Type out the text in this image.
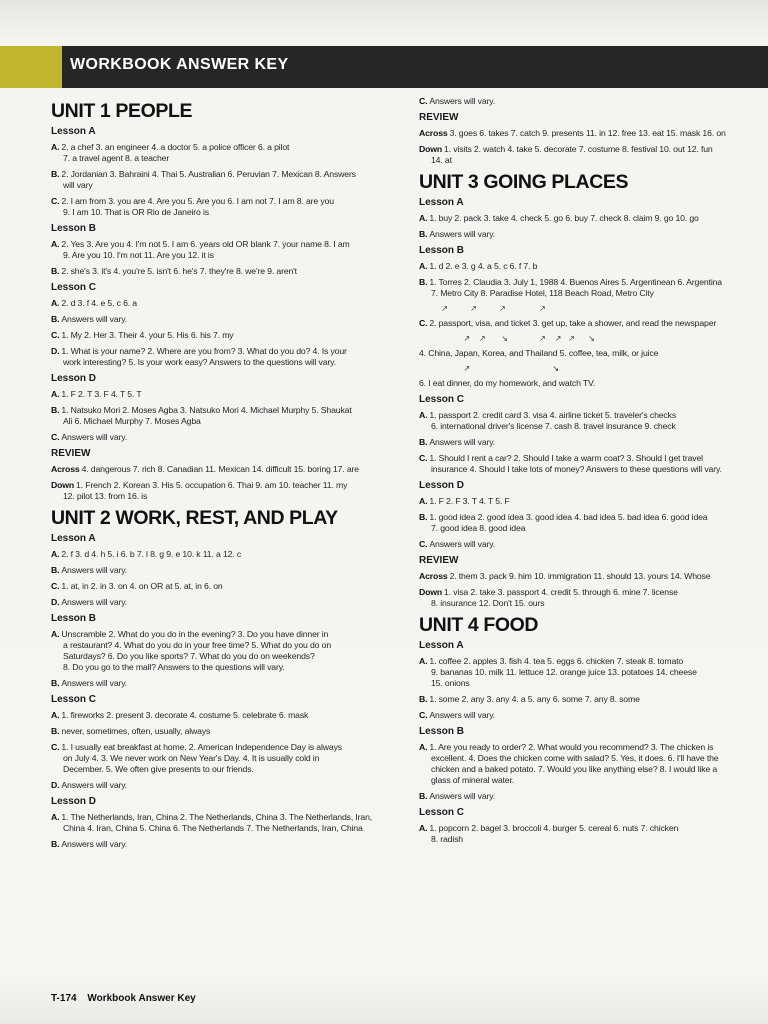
WORKBOOK ANSWER KEY
UNIT 1 PEOPLE
Lesson A

A. 2. a chef 3. an engineer 4. a doctor 5. a police officer 6. a pilot

7. a travel agent 8. a teacher

B. 2. Jordanian 3. Bahraini 4. Thai 5. Australian 6. Peruvian 7. Mexican 8. Answers

will vary

C. 2. I am from 3. you are 4. Are you 5. Are you 6. I am not 7. I am 8. are you

9. I am 10. That is OR Rio de Janeiro is

Lesson B

A. 2. Yes 3. Are you 4. I'm not 5. I am 6. years old OR blank 7. your name 8. I am

9. Are you 10. I'm not 11. Are you 12. it is

B. 2. she's 3. it's 4. you're 5. isn't 6. he's 7. they're 8. we're 9. aren't

Lesson C

A. 2. d 3. f 4. e 5. c 6. a

B. Answers will vary.

C. 1. My 2. Her 3. Their 4. your 5. His 6. his 7. my

D. 1. What is your name? 2. Where are you from? 3. What do you do? 4. Is your

work interesting? 5. Is your work easy? Answers to the questions will vary.

Lesson D

A. 1. F 2. T 3. F 4. T 5. T

B. 1. Natsuko Mori 2. Moses Agba 3. Natsuko Mori 4. Michael Murphy 5. Shaukat

Ali 6. Michael Murphy 7. Moses Agba

C. Answers will vary.

REVIEW

Across 4. dangerous 7. rich 8. Canadian 11. Mexican 14. difficult 15. boring 17. are

Down 1. French 2. Korean 3. His 5. occupation 6. Thai 9. am 10. teacher 11. my

12. pilot 13. from 16. is

UNIT 2 WORK, REST, AND PLAY
Lesson A

A. 2. f 3. d 4. h 5. i 6. b 7. l 8. g 9. e 10. k 11. a 12. c

B. Answers will vary.

C. 1. at, in 2. in 3. on 4. on OR at 5. at, in 6. on

D. Answers will vary.

Lesson B

A. Unscramble 2. What do you do in the evening? 3. Do you have dinner in

a restaurant? 4. What do you do in your free time? 5. What do you do on

Saturdays? 6. Do you like sports? 7. What do you do on weekends?

8. Do you go to the mall? Answers to the questions will vary.

B. Answers will vary.

Lesson C

A. 1. fireworks 2. present 3. decorate 4. costume 5. celebrate 6. mask

B. never, sometimes, often, usually, always

C. 1. I usually eat breakfast at home. 2. American Independence Day is always

on July 4. 3. We never work on New Year's Day. 4. It is usually cold in

December. 5. We often give presents to our friends.

D. Answers will vary.

Lesson D

A. 1. The Netherlands, Iran, China 2. The Netherlands, China 3. The Netherlands, Iran,

China 4. Iran, China 5. China 6. The Netherlands 7. The Netherlands, Iran, China

B. Answers will vary.

C. Answers will vary.

REVIEW

Across 3. goes 6. takes 7. catch 9. presents 11. in 12. free 13. eat 15. mask 16. on

Down 1. visits 2. watch 4. take 5. decorate 7. costume 8. festival 10. out 12. fun

14. at

UNIT 3 GOING PLACES
Lesson A

A. 1. buy 2. pack 3. take 4. check 5. go 6. buy 7. check 8. claim 9. go 10. go

B. Answers will vary.

Lesson B

A. 1. d 2. e 3. g 4. a 5. c 6. f 7. b

B. 1. Torres 2. Claudia 3. July 1, 1988 4. Buenos Aires 5. Argentinean 6. Argentina

7. Metro City 8. Paradise Hotel, 118 Beach Road, Metro City

↗          ↗          ↗               ↗

C. 2. passport, visa, and ticket 3. get up, take a shower, and read the newspaper

↗    ↗       ↘              ↗    ↗   ↗      ↘

4. China, Japan, Korea, and Thailand 5. coffee, tea, milk, or juice

↗                                     ↘

6. I eat dinner, do my homework, and watch TV.

Lesson C

A. 1. passport 2. credit card 3. visa 4. airline ticket 5. traveler's checks

6. international driver's license 7. cash 8. travel insurance 9. check

B. Answers will vary.

C. 1. Should I rent a car? 2. Should I take a warm coat? 3. Should I get travel

insurance 4. Should I take lots of money? Answers to these questions will vary.

Lesson D

A. 1. F 2. F 3. T 4. T 5. F

B. 1. good idea 2. good idea 3. good idea 4. bad idea 5. bad idea 6. good idea

7. good idea 8. good idea

C. Answers will vary.

REVIEW

Across 2. them 3. pack 9. him 10. immigration 11. should 13. yours 14. Whose

Down 1. visa 2. take 3. passport 4. credit 5. through 6. mine 7. license

8. insurance 12. Don't 15. ours

UNIT 4 FOOD
Lesson A

A. 1. coffee 2. apples 3. fish 4. tea 5. eggs 6. chicken 7. steak 8. tomato

9. bananas 10. milk 11. lettuce 12. orange juice 13. potatoes 14. cheese

15. onions

B. 1. some 2. any 3. any 4. a 5. any 6. some 7. any 8. some

C. Answers will vary.

Lesson B

A. 1. Are you ready to order? 2. What would you recommend? 3. The chicken is

excellent. 4. Does the chicken come with salad? 5. Yes, it does. 6. I'll have the

chicken and a baked potato. 7. Would you like anything else? 8. I would like a

glass of mineral water.

B. Answers will vary.

Lesson C

A. 1. popcorn 2. bagel 3. broccoli 4. burger 5. cereal 6. nuts 7. chicken

8. radish

T-174 Workbook Answer Key
